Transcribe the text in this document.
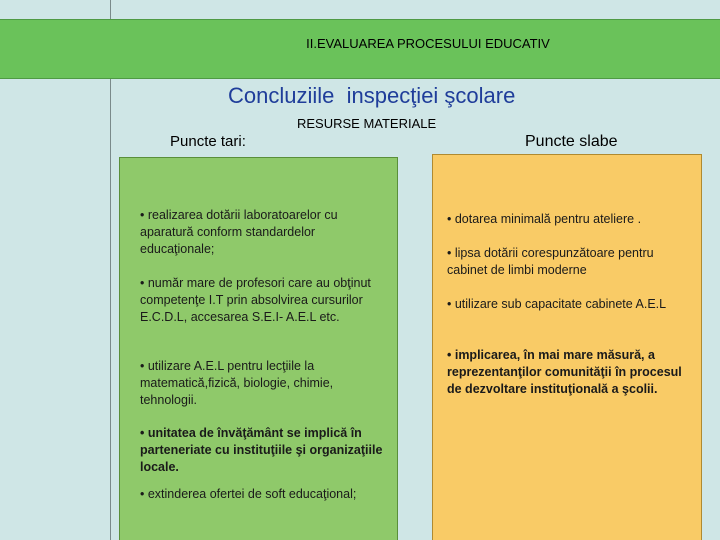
II.EVALUAREA PROCESULUI EDUCATIV
Concluziile  inspecţiei şcolare
RESURSE MATERIALE
Puncte tari:	Puncte slabe
• realizarea dotării laboratoarelor cu aparatură conform standardelor educaţionale;
• număr mare de profesori care au obţinut competenţe I.T prin absolvirea cursurilor E.C.D.L, accesarea S.E.I- A.E.L etc.
• utilizare A.E.L pentru lecţiile la matematică,fizică, biologie, chimie, tehnologii.
• unitatea de învăţământ se implică în parteneriate cu instituţiile şi organizaţiile locale.
• extinderea ofertei de soft educaţional;
• dotarea minimală pentru ateliere .
• lipsa dotării corespunzătoare pentru cabinet de limbi moderne
• utilizare sub capacitate cabinete A.E.L
• implicarea, în mai mare măsură, a reprezentanţilor comunităţii în procesul de dezvoltare instituţională a şcolii.
